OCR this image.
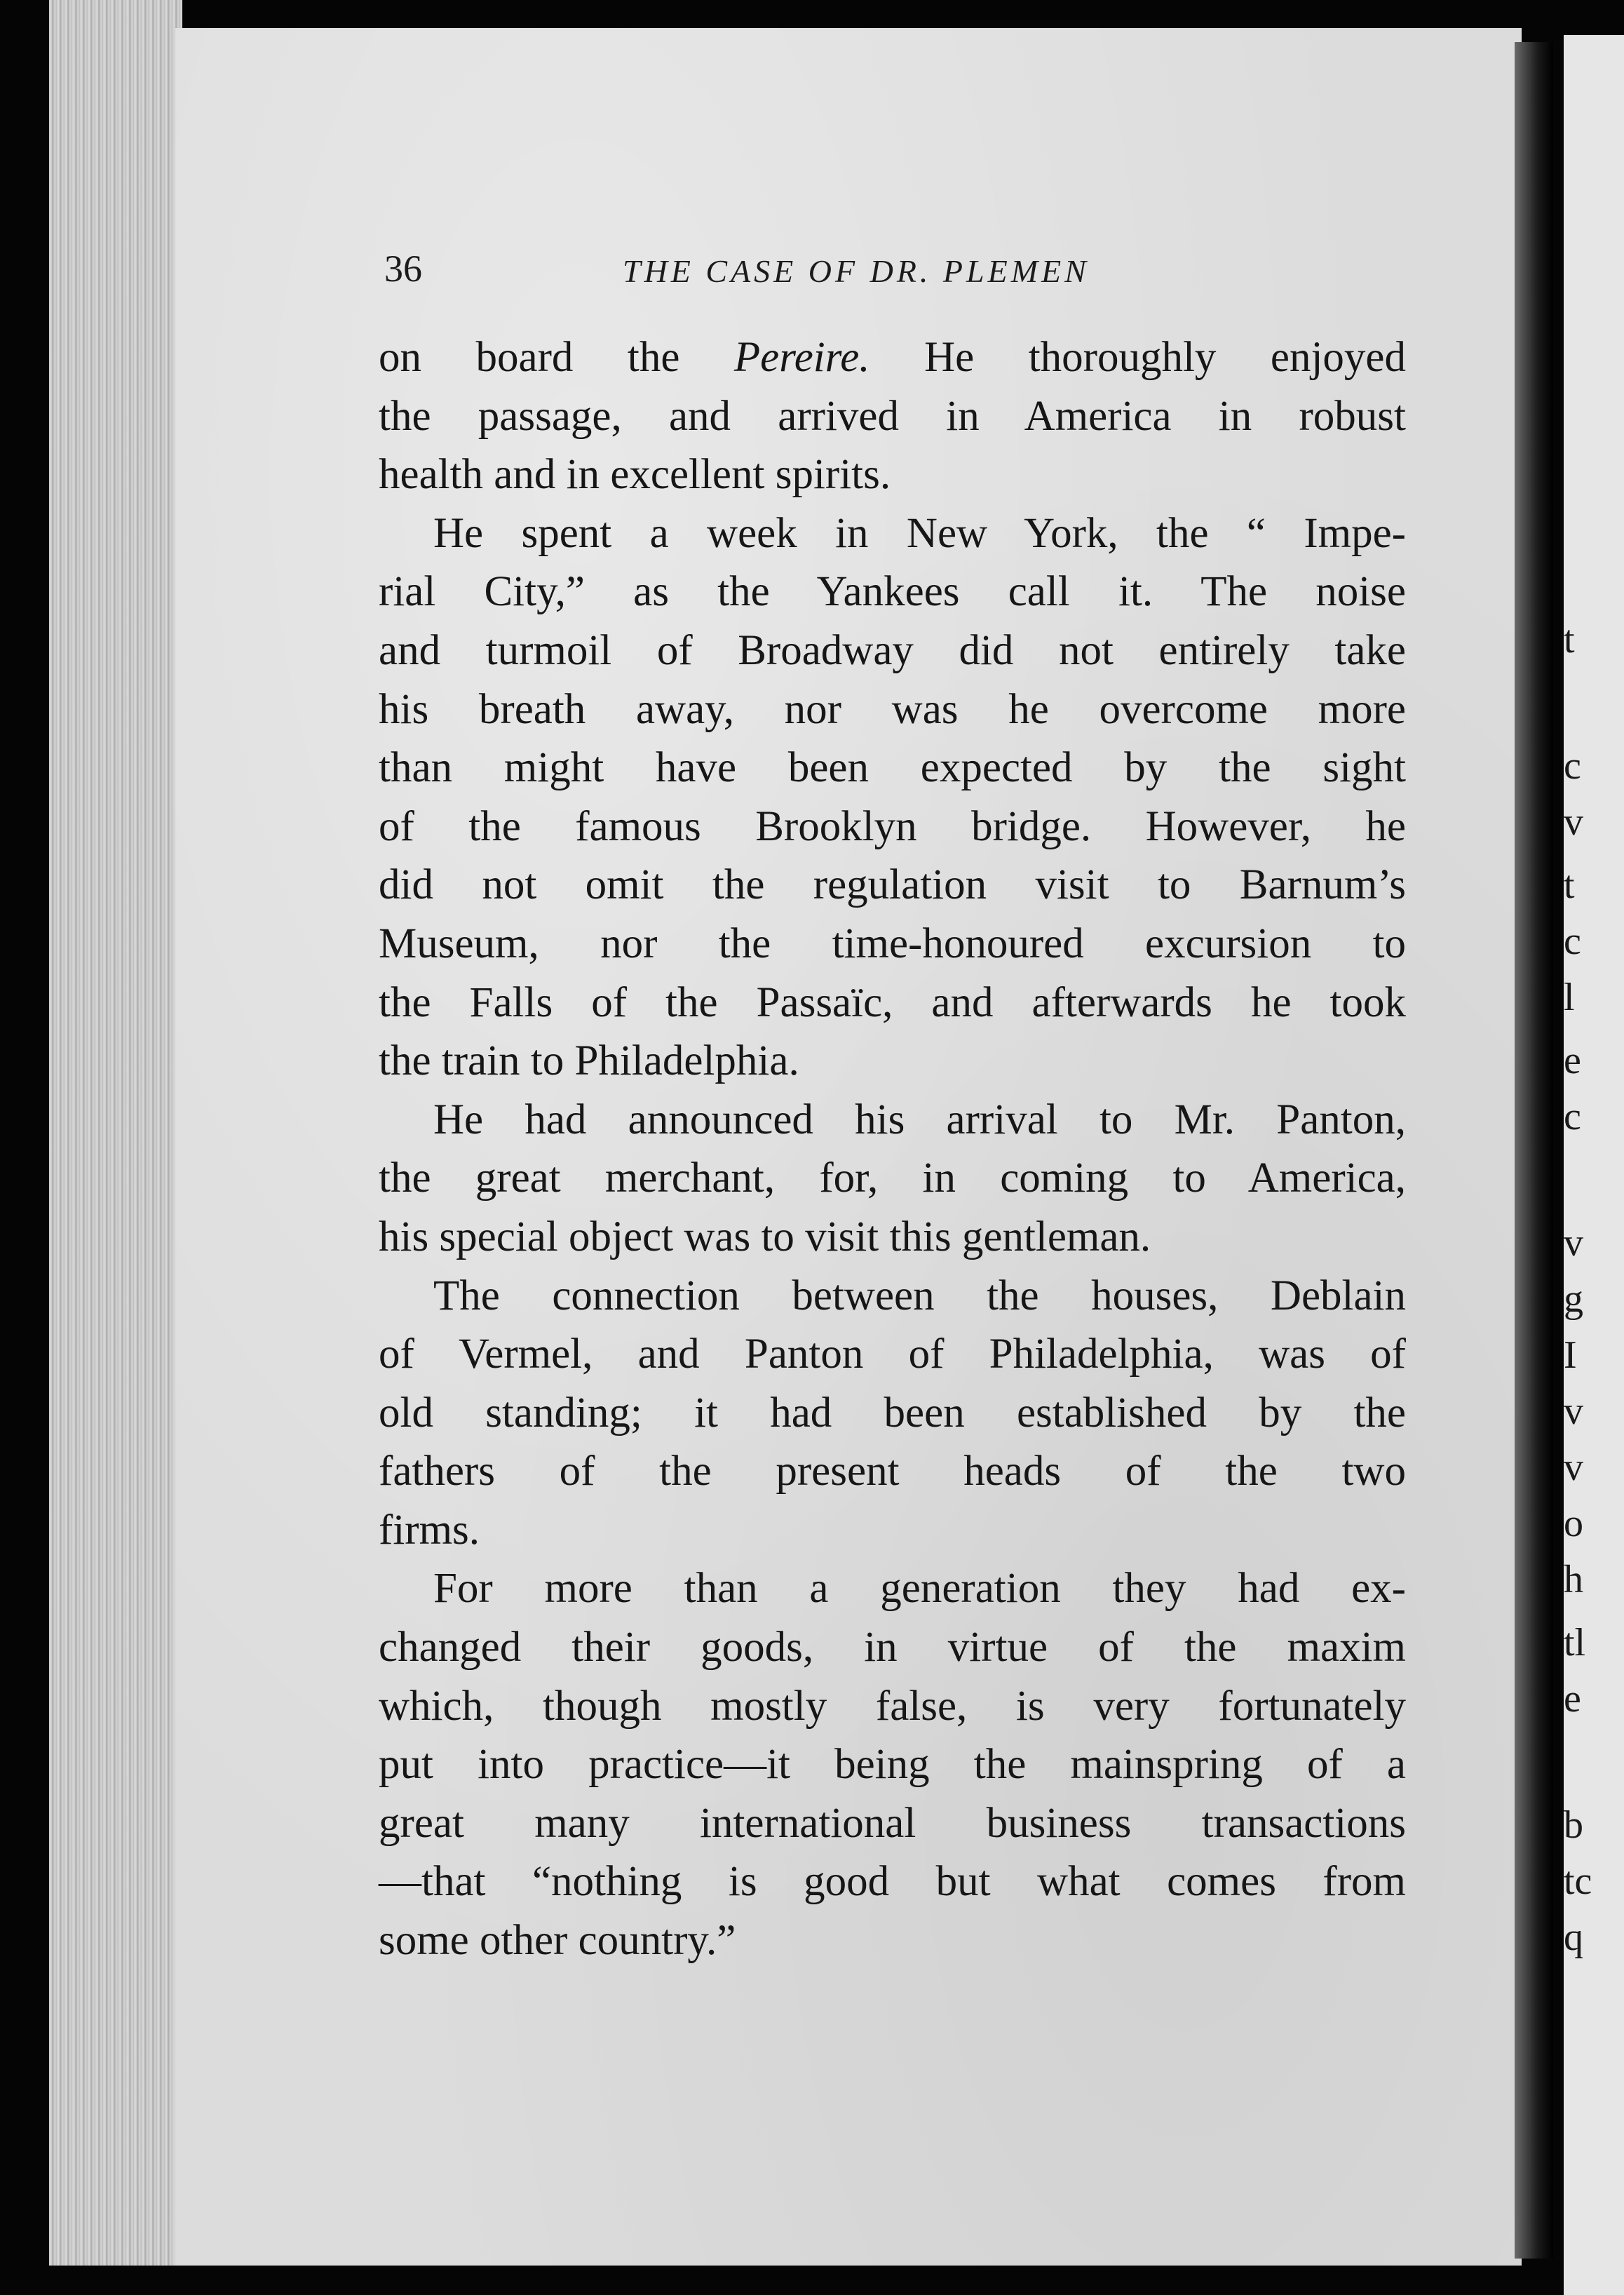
t
c
v
t
c
l
e
c
v
g
I
v
v
o
h
tl
e
b
tc
q
36	THE CASE OF DR. PLEMEN
on board the Pereire. He thoroughly enjoyed
the passage, and arrived in America in robust
health and in excellent spirits.
He spent a week in New York, the “ Impe-
rial City,” as the Yankees call it. The noise
and turmoil of Broadway did not entirely take
his breath away, nor was he overcome more
than might have been expected by the sight
of the famous Brooklyn bridge. However, he
did not omit the regulation visit to Barnum’s
Museum, nor the time-honoured excursion to
the Falls of the Passaïc, and afterwards he took
the train to Philadelphia.
He had announced his arrival to Mr. Panton,
the great merchant, for, in coming to America,
his special object was to visit this gentleman.
The connection between the houses, Deblain
of Vermel, and Panton of Philadelphia, was of
old standing; it had been established by the
fathers of the present heads of the two
firms.
For more than a generation they had ex-
changed their goods, in virtue of the maxim
which, though mostly false, is very fortunately
put into practice—it being the mainspring of a
great many international business transactions
—that “nothing is good but what comes from
some other country.”
